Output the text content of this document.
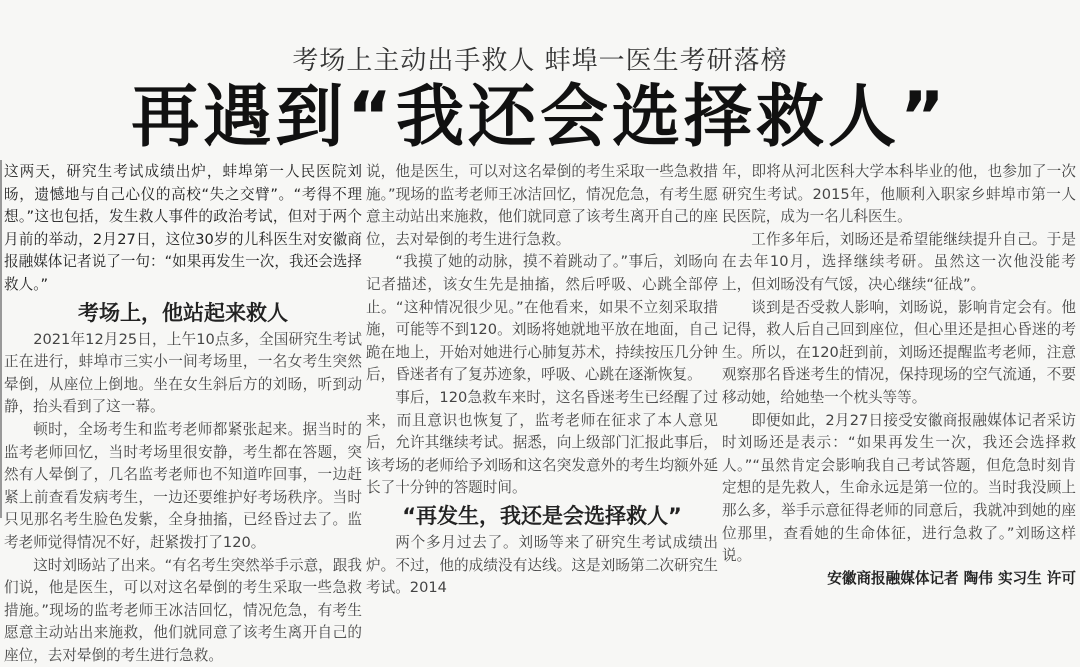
考场上主动出手救人 蚌埠一医生考研落榜
再遇到“我还会选择救人”

这两天，研究生考试成绩出炉，蚌埠第一人民医院刘旸，遗憾地与自己心仪的高校“失之交臂”。“考得不理想。”这也包括，发生救人事件的政治考试，但对于两个月前的举动，2月27日，这位30岁的儿科医生对安徽商报融媒体记者说了一句：“如果再发生一次，我还会选择救人。”

考场上，他站起来救人

2021年12月25日，上午10点多，全国研究生考试正在进行，蚌埠市三实小一间考场里，一名女考生突然晕倒，从座位上倒地。坐在女生斜后方的刘旸，听到动静，抬头看到了这一幕。

顿时，全场考生和监考老师都紧张起来。据当时的监考老师回忆，当时考场里很安静，考生都在答题，突然有人晕倒了，几名监考老师也不知道咋回事，一边赶紧上前查看发病考生，一边还要维护好考场秩序。当时只见那名考生脸色发紫，全身抽搐，已经昏过去了。监考老师觉得情况不好，赶紧拨打了120。

这时刘旸站了出来。“有名考生突然举手示意，跟我们说，他是医生，可以对这名晕倒的考生采取一些急救措施。”现场的监考老师王冰洁回忆，情况危急，有考生愿意主动站出来施救，他们就同意了该考生离开自己的座位，去对晕倒的考生进行急救。

说，他是医生，可以对这名晕倒的考生采取一些急救措施。”现场的监考老师王冰洁回忆，情况危急，有考生愿意主动站出来施救，他们就同意了该考生离开自己的座位，去对晕倒的考生进行急救。

“我摸了她的动脉，摸不着跳动了。”事后，刘旸向记者描述，该女生先是抽搐，然后呼吸、心跳全部停止。“这种情况很少见。”在他看来，如果不立刻采取措施，可能等不到120。刘旸将她就地平放在地面，自己跪在地上，开始对她进行心肺复苏术，持续按压几分钟后，昏迷者有了复苏迹象，呼吸、心跳在逐渐恢复。

事后，120急救车来时，这名昏迷考生已经醒了过来，而且意识也恢复了，监考老师在征求了本人意见后，允许其继续考试。据悉，向上级部门汇报此事后，该考场的老师给予刘旸和这名突发意外的考生均额外延长了十分钟的答题时间。

“再发生，我还是会选择救人”

两个多月过去了。刘旸等来了研究生考试成绩出炉。不过，他的成绩没有达线。这是刘旸第二次研究生考试。2014

年，即将从河北医科大学本科毕业的他，也参加了一次研究生考试。2015年，他顺利入职家乡蚌埠市第一人民医院，成为一名儿科医生。

工作多年后，刘旸还是希望能继续提升自己。于是在去年10月，选择继续考研。虽然这一次他没能考上，但刘旸没有气馁，决心继续“征战”。

谈到是否受救人影响，刘旸说，影响肯定会有。他记得，救人后自己回到座位，但心里还是担心昏迷的考生。所以，在120赶到前，刘旸还提醒监考老师，注意观察那名昏迷考生的情况，保持现场的空气流通，不要移动她，给她垫一个枕头等等。

即便如此，2月27日接受安徽商报融媒体记者采访时刘旸还是表示：“如果再发生一次，我还会选择救人。”“虽然肯定会影响我自己考试答题，但危急时刻肯定想的是先救人，生命永远是第一位的。当时我没顾上那么多，举手示意征得老师的同意后，我就冲到她的座位那里，查看她的生命体征，进行急救了。”刘旸这样说。

安徽商报融媒体记者 陶伟 实习生 许可
